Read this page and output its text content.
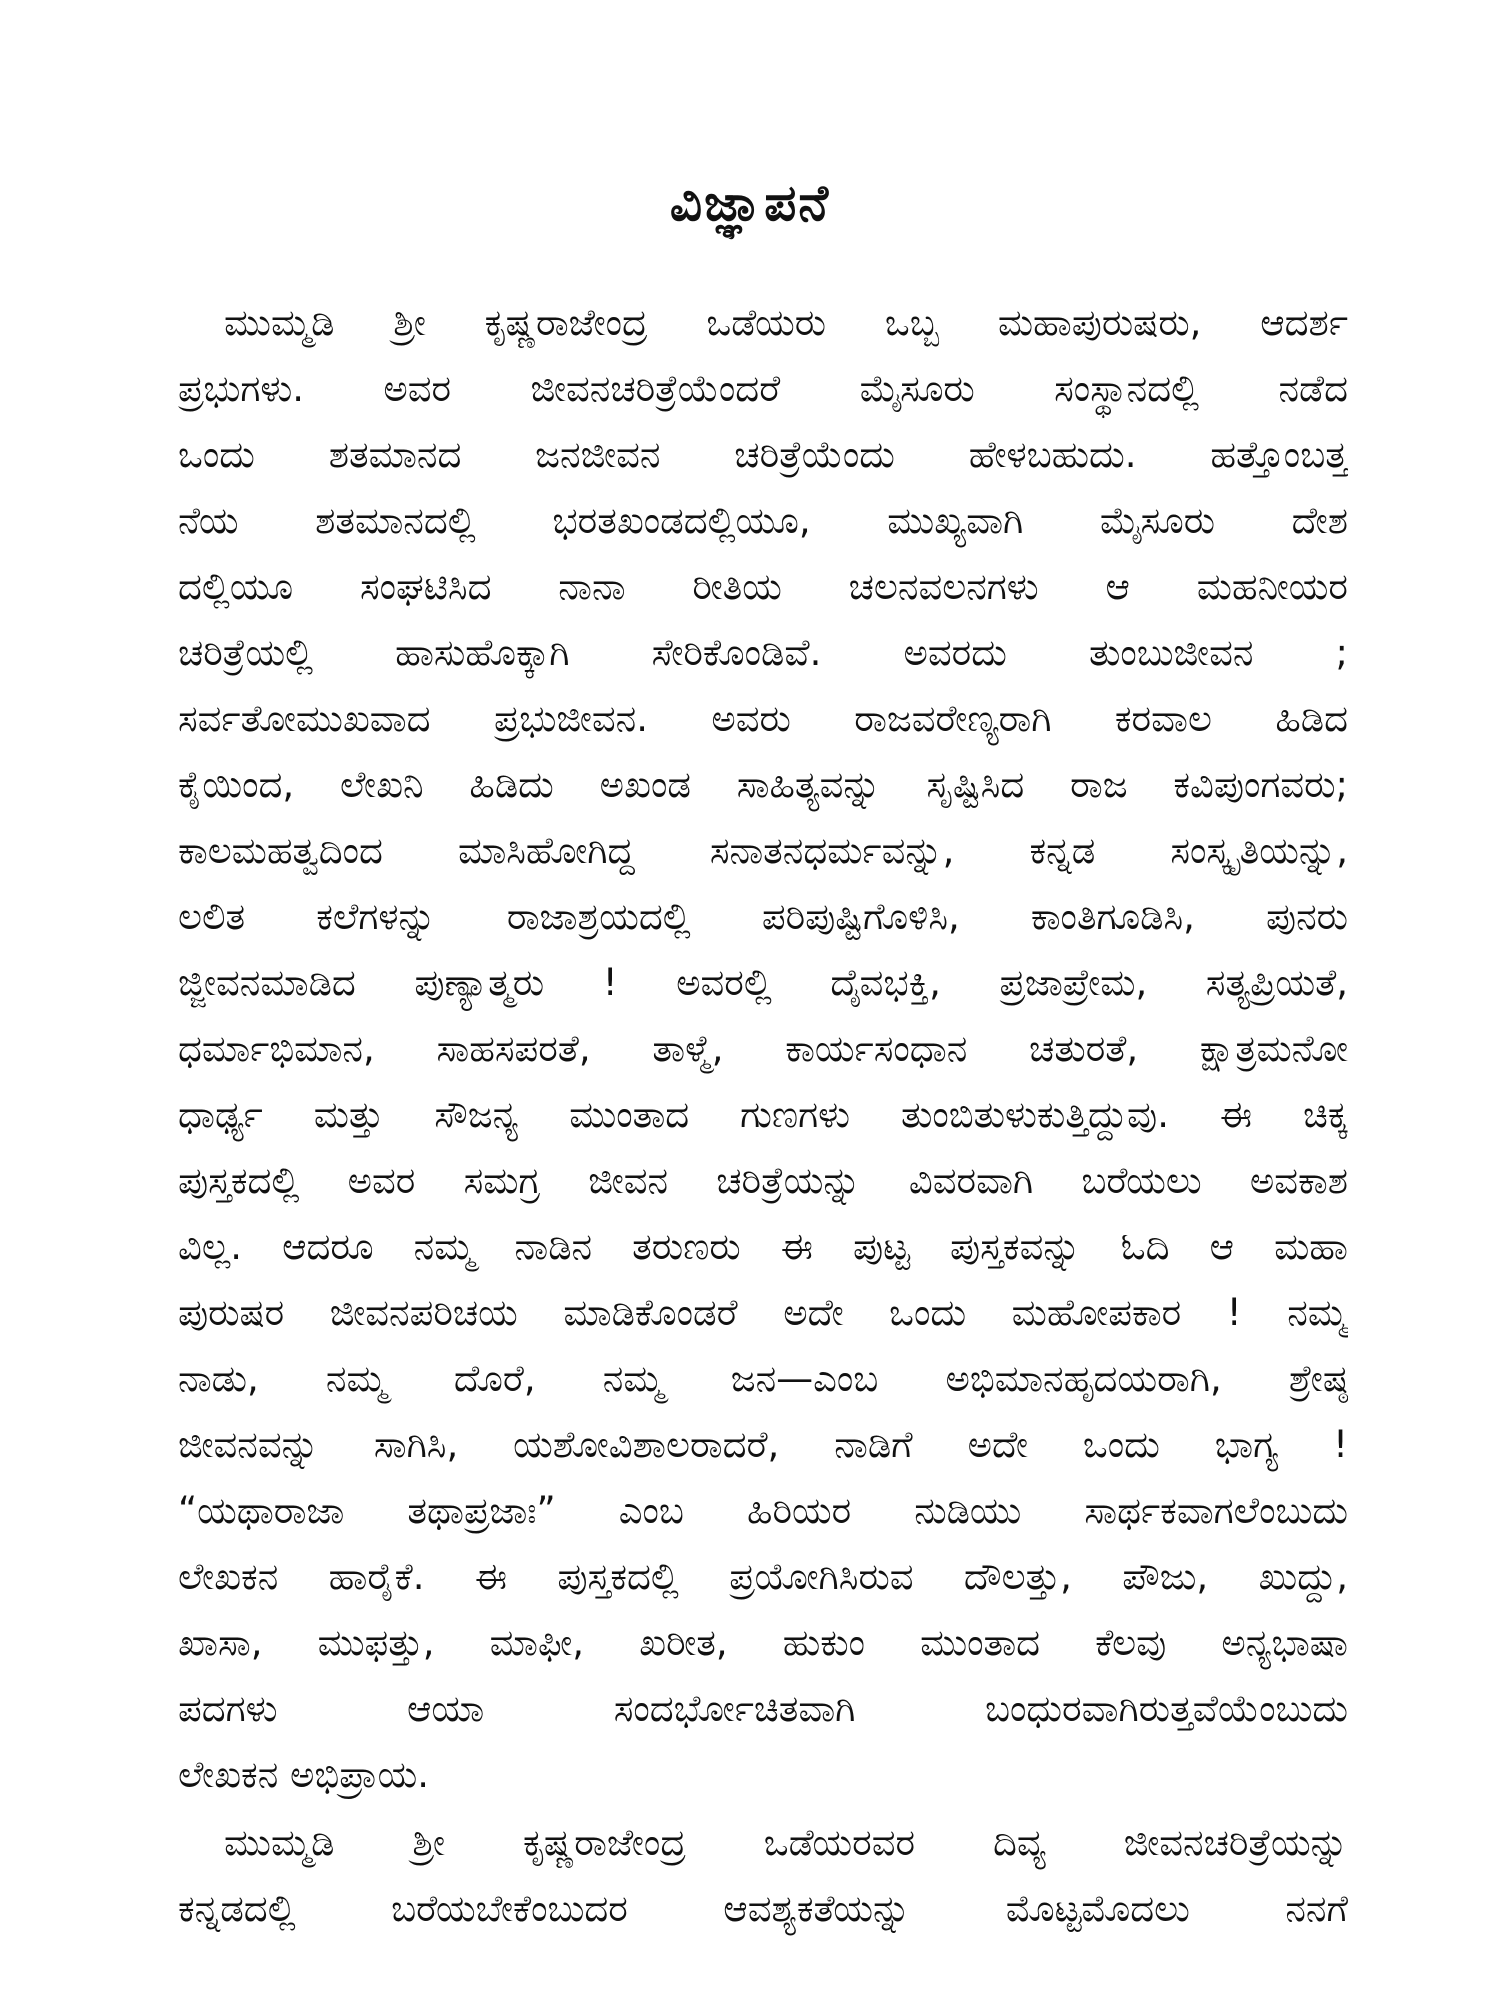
ವಿಜ್ಞಾಪನೆ
ಮುಮ್ಮಡಿ ಶ್ರೀ ಕೃಷ್ಣರಾಜೇಂದ್ರ ಒಡೆಯರು ಒಬ್ಬ ಮಹಾಪುರುಷರು, ಆದರ್ಶ
ಪ್ರಭುಗಳು. ಅವರ ಜೀವನಚರಿತ್ರೆಯೆಂದರೆ ಮೈಸೂರು ಸಂಸ್ಥಾನದಲ್ಲಿ ನಡೆದ
ಒಂದು ಶತಮಾನದ ಜನಜೀವನ ಚರಿತ್ರೆಯೆಂದು ಹೇಳಬಹುದು. ಹತ್ತೊಂಬತ್ತ
ನೆಯ ಶತಮಾನದಲ್ಲಿ ಭರತಖಂಡದಲ್ಲಿಯೂ, ಮುಖ್ಯವಾಗಿ ಮೈಸೂರು ದೇಶ
ದಲ್ಲಿಯೂ ಸಂಘಟಿಸಿದ ನಾನಾ ರೀತಿಯ ಚಲನವಲನಗಳು ಆ ಮಹನೀಯರ
ಚರಿತ್ರೆಯಲ್ಲಿ ಹಾಸುಹೊಕ್ಕಾಗಿ ಸೇರಿಕೊಂಡಿವೆ. ಅವರದು ತುಂಬುಜೀವನ ;
ಸರ್ವತೋಮುಖವಾದ ಪ್ರಭುಜೀವನ. ಅವರು ರಾಜವರೇಣ್ಯರಾಗಿ ಕರವಾಲ ಹಿಡಿದ
ಕೈಯಿಂದ, ಲೇಖನಿ ಹಿಡಿದು ಅಖಂಡ ಸಾಹಿತ್ಯವನ್ನು ಸೃಷ್ಟಿಸಿದ ರಾಜ ಕವಿಪುಂಗವರು;
ಕಾಲಮಹತ್ವದಿಂದ ಮಾಸಿಹೋಗಿದ್ದ ಸನಾತನಧರ್ಮವನ್ನು, ಕನ್ನಡ ಸಂಸ್ಕೃತಿಯನ್ನು,
ಲಲಿತ ಕಲೆಗಳನ್ನು ರಾಜಾಶ್ರಯದಲ್ಲಿ ಪರಿಪುಷ್ಟಿಗೊಳಿಸಿ, ಕಾಂತಿಗೂಡಿಸಿ, ಪುನರು
ಜ್ಜೀವನಮಾಡಿದ ಪುಣ್ಯಾತ್ಮರು ! ಅವರಲ್ಲಿ ದೈವಭಕ್ತಿ, ಪ್ರಜಾಪ್ರೇಮ, ಸತ್ಯಪ್ರಿಯತೆ,
ಧರ್ಮಾಭಿಮಾನ, ಸಾಹಸಪರತೆ, ತಾಳ್ಮೆ, ಕಾರ್ಯಸಂಧಾನ ಚತುರತೆ, ಕ್ಷಾತ್ರಮನೋ
ಧಾರ್ಢ್ಯ ಮತ್ತು ಸೌಜನ್ಯ ಮುಂತಾದ ಗುಣಗಳು ತುಂಬಿತುಳುಕುತ್ತಿದ್ದುವು. ಈ ಚಿಕ್ಕ
ಪುಸ್ತಕದಲ್ಲಿ ಅವರ ಸಮಗ್ರ ಜೀವನ ಚರಿತ್ರೆಯನ್ನು ವಿವರವಾಗಿ ಬರೆಯಲು ಅವಕಾಶ
ವಿಲ್ಲ. ಆದರೂ ನಮ್ಮ ನಾಡಿನ ತರುಣರು ಈ ಪುಟ್ಟ ಪುಸ್ತಕವನ್ನು ಓದಿ ಆ ಮಹಾ
ಪುರುಷರ ಜೀವನಪರಿಚಯ ಮಾಡಿಕೊಂಡರೆ ಅದೇ ಒಂದು ಮಹೋಪಕಾರ ! ನಮ್ಮ
ನಾಡು, ನಮ್ಮ ದೊರೆ, ನಮ್ಮ ಜನ—ಎಂಬ ಅಭಿಮಾನಹೃದಯರಾಗಿ, ಶ್ರೇಷ್ಠ
ಜೀವನವನ್ನು ಸಾಗಿಸಿ, ಯಶೋವಿಶಾಲರಾದರೆ, ನಾಡಿಗೆ ಅದೇ ಒಂದು ಭಾಗ್ಯ !
“ಯಥಾರಾಜಾ ತಥಾಪ್ರಜಾಃ” ಎಂಬ ಹಿರಿಯರ ನುಡಿಯು ಸಾರ್ಥಕವಾಗಲೆಂಬುದು
ಲೇಖಕನ ಹಾರೈಕೆ. ಈ ಪುಸ್ತಕದಲ್ಲಿ ಪ್ರಯೋಗಿಸಿರುವ ದೌಲತ್ತು, ಪೌಜು, ಖುದ್ದು,
ಖಾಸಾ, ಮುಫತ್ತು, ಮಾಫೀ, ಖರೀತ, ಹುಕುಂ ಮುಂತಾದ ಕೆಲವು ಅನ್ಯಭಾಷಾ
ಪದಗಳು ಆಯಾ ಸಂದರ್ಭೋಚಿತವಾಗಿ ಬಂಧುರವಾಗಿರುತ್ತವೆಯೆಂಬುದು
ಲೇಖಕನ ಅಭಿಪ್ರಾಯ.
ಮುಮ್ಮಡಿ ಶ್ರೀ ಕೃಷ್ಣರಾಜೇಂದ್ರ ಒಡೆಯರವರ ದಿವ್ಯ ಜೀವನಚರಿತ್ರೆಯನ್ನು
ಕನ್ನಡದಲ್ಲಿ ಬರೆಯಬೇಕೆಂಬುದರ ಆವಶ್ಯಕತೆಯನ್ನು ಮೊಟ್ಟಮೊದಲು ನನಗೆ
